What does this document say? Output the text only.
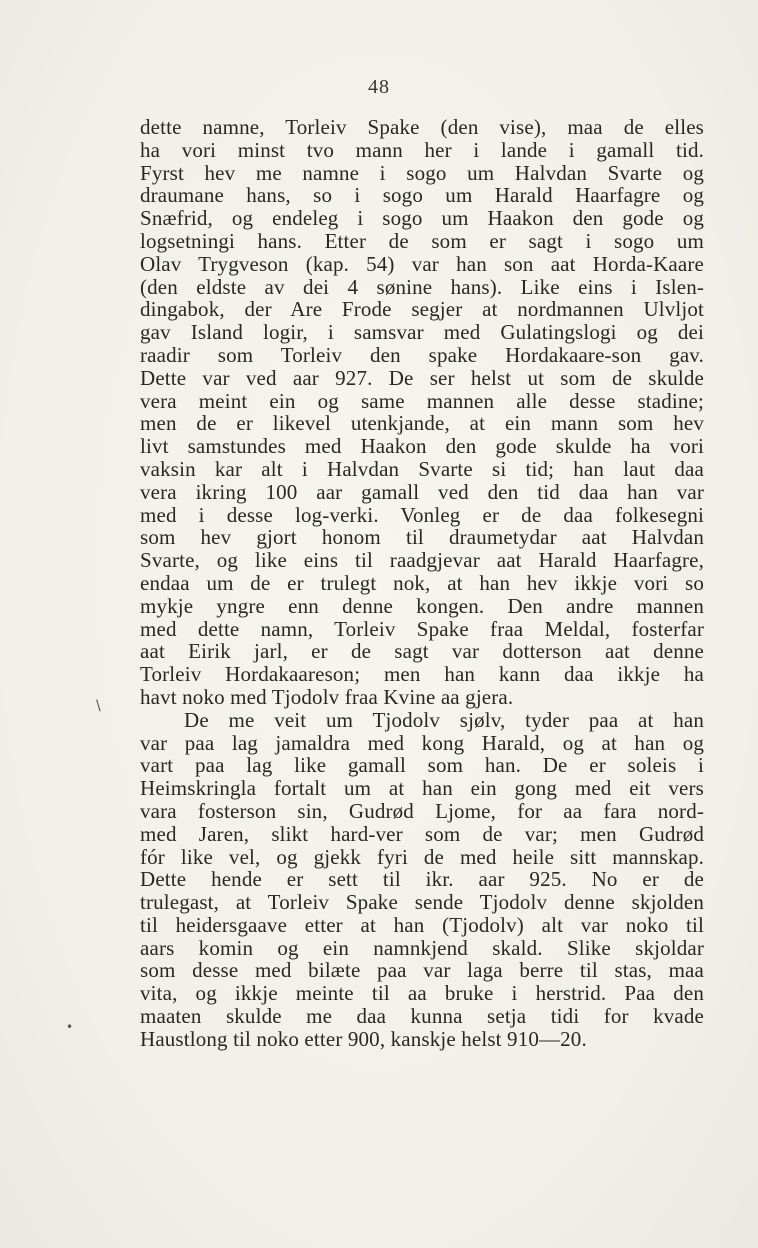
48
\
•
dette namne, Torleiv Spake (den vise), maa de elles
ha vori minst tvo mann her i lande i gamall tid.
Fyrst hev me namne i sogo um Halvdan Svarte og
draumane hans, so i sogo um Harald Haarfagre og
Snæfrid, og endeleg i sogo um Haakon den gode og
logsetningi hans. Etter de som er sagt i sogo um
Olav Trygveson (kap. 54) var han son aat Horda-Kaare
(den eldste av dei 4 sønine hans). Like eins i Islen-
dingabok, der Are Frode segjer at nordmannen Ulvljot
gav Island logir, i samsvar med Gulatingslogi og dei
raadir som Torleiv den spake Hordakaare-son gav.
Dette var ved aar 927. De ser helst ut som de skulde
vera meint ein og same mannen alle desse stadine;
men de er likevel utenkjande, at ein mann som hev
livt samstundes med Haakon den gode skulde ha vori
vaksin kar alt i Halvdan Svarte si tid; han laut daa
vera ikring 100 aar gamall ved den tid daa han var
med i desse log-verki. Vonleg er de daa folkesegni
som hev gjort honom til draumetydar aat Halvdan
Svarte, og like eins til raadgjevar aat Harald Haarfagre,
endaa um de er trulegt nok, at han hev ikkje vori so
mykje yngre enn denne kongen. Den andre mannen
med dette namn, Torleiv Spake fraa Meldal, fosterfar
aat Eirik jarl, er de sagt var dotterson aat denne
Torleiv Hordakaareson; men han kann daa ikkje ha
havt noko med Tjodolv fraa Kvine aa gjera.
De me veit um Tjodolv sjølv, tyder paa at han
var paa lag jamaldra med kong Harald, og at han og
vart paa lag like gamall som han. De er soleis i
Heimskringla fortalt um at han ein gong med eit vers
vara fosterson sin, Gudrød Ljome, for aa fara nord-
med Jaren, slikt hard-ver som de var; men Gudrød
fór like vel, og gjekk fyri de med heile sitt mannskap.
Dette hende er sett til ikr. aar 925. No er de
trulegast, at Torleiv Spake sende Tjodolv denne skjolden
til heidersgaave etter at han (Tjodolv) alt var noko til
aars komin og ein namnkjend skald. Slike skjoldar
som desse med bilæte paa var laga berre til stas, maa
vita, og ikkje meinte til aa bruke i herstrid. Paa den
maaten skulde me daa kunna setja tidi for kvade
Haustlong til noko etter 900, kanskje helst 910—20.
